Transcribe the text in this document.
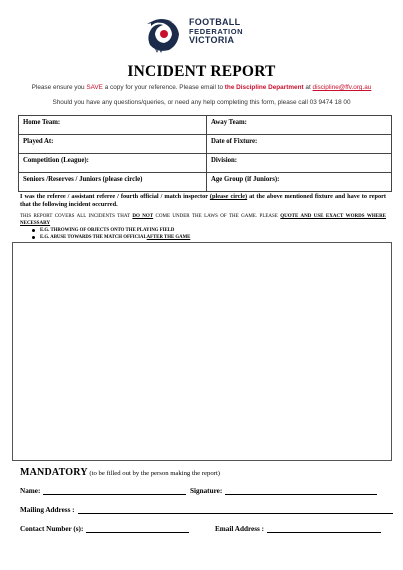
FOOTBALL
FEDERATION
VICTORIA
INCIDENT REPORT
Please ensure you SAVE a copy for your reference. Please email to the Discipline Department at discipline@ffv.org.au
Should you have any questions/queries, or need any help completing this form, please call 03 9474 18 00
Home Team:	Away Team:
Played At:	Date of Fixture:
Competition (League):	Division:
Seniors /Reserves / Juniors (please circle)	Age Group (if Juniors):
I was the referee / assistant referee / fourth official / match inspector (please circle) at the above mentioned fixture and have to report that the following incident occurred.
THIS REPORT COVERS ALL INCIDENTS THAT DO NOT COME UNDER THE LAWS OF THE GAME. PLEASE QUOTE AND USE EXACT WORDS WHERE NECESSARY
E.G. THROWING OF OBJECTS ONTO THE PLAYING FIELD
E.G. ABUSE TOWARDS THE MATCH OFFICIAL AFTER THE GAME
MANDATORY (to be filled out by the person making the report)
Name:	Signature:
Mailing Address :
Contact Number (s):	Email Address :
